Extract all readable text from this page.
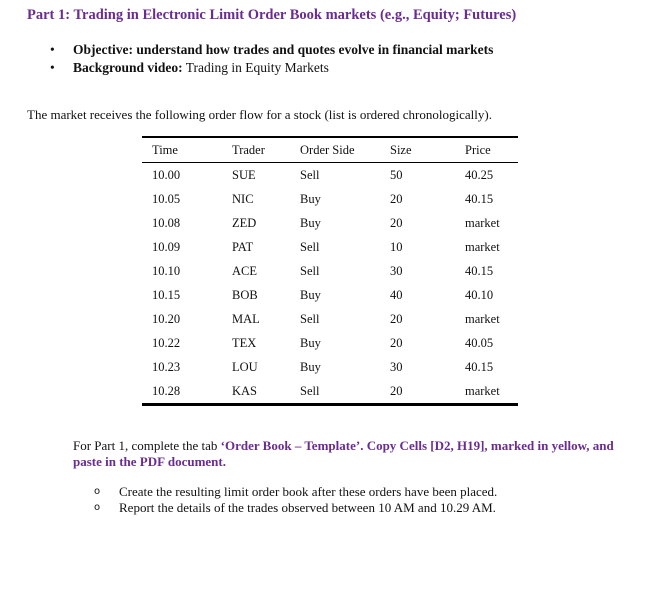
Part 1: Trading in Electronic Limit Order Book markets (e.g., Equity; Futures)
• Objective: understand how trades and quotes evolve in financial markets
• Background video: Trading in Equity Markets
The market receives the following order flow for a stock (list is ordered chronologically).

Time	Trader	Order Side	Size	Price
10.00	SUE	Sell	50	40.25
10.05	NIC	Buy	20	40.15
10.08	ZED	Buy	20	market
10.09	PAT	Sell	10	market
10.10	ACE	Sell	30	40.15
10.15	BOB	Buy	40	40.10
10.20	MAL	Sell	20	market
10.22	TEX	Buy	20	40.05
10.23	LOU	Buy	30	40.15
10.28	KAS	Sell	20	market

For Part 1, complete the tab ‘Order Book – Template’. Copy Cells [D2, H19], marked in yellow, and paste in the PDF document.
o Create the resulting limit order book after these orders have been placed.
o Report the details of the trades observed between 10 AM and 10.29 AM.
